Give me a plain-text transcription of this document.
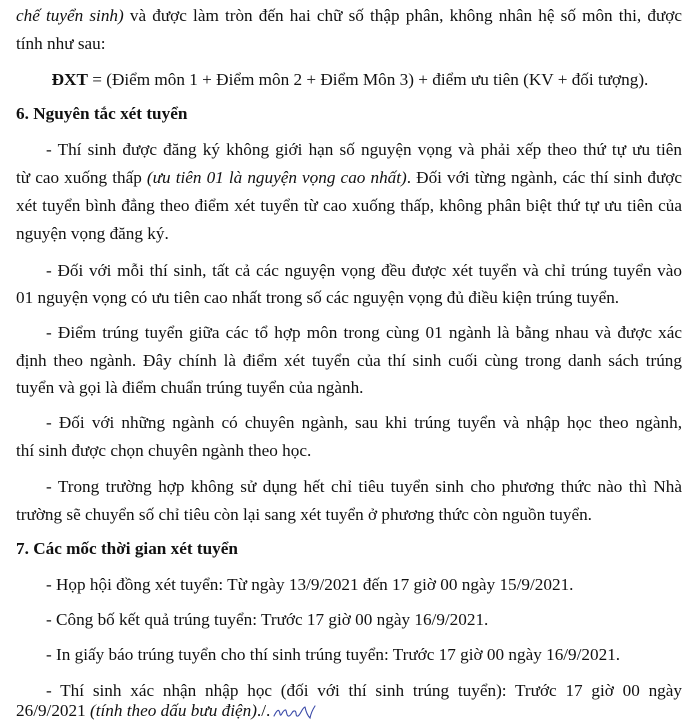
chế tuyển sinh) và được làm tròn đến hai chữ số thập phân, không nhân hệ số môn thi, được
tính như sau:
ĐXT = (Điểm môn 1 + Điểm môn 2 + Điểm Môn 3) + điểm ưu tiên (KV + đối tượng).
6. Nguyên tắc xét tuyển
- Thí sinh được đăng ký không giới hạn số nguyện vọng và phải xếp theo thứ tự ưu tiên
từ cao xuống thấp (ưu tiên 01 là nguyện vọng cao nhất). Đối với từng ngành, các thí sinh được
xét tuyển bình đẳng theo điểm xét tuyển từ cao xuống thấp, không phân biệt thứ tự ưu tiên của
nguyện vọng đăng ký.
- Đối với mỗi thí sinh, tất cả các nguyện vọng đều được xét tuyển và chỉ trúng tuyển vào
01 nguyện vọng có ưu tiên cao nhất trong số các nguyện vọng đủ điều kiện trúng tuyển.
- Điểm trúng tuyển giữa các tổ hợp môn trong cùng 01 ngành là bằng nhau và được xác
định theo ngành. Đây chính là điểm xét tuyển của thí sinh cuối cùng trong danh sách trúng
tuyển và gọi là điểm chuẩn trúng tuyển của ngành.
- Đối với những ngành có chuyên ngành, sau khi trúng tuyển và nhập học theo ngành,
thí sinh được chọn chuyên ngành theo học.
- Trong trường hợp không sử dụng hết chỉ tiêu tuyển sinh cho phương thức nào thì Nhà
trường sẽ chuyển số chỉ tiêu còn lại sang xét tuyển ở phương thức còn nguồn tuyển.
7. Các mốc thời gian xét tuyển
- Họp hội đồng xét tuyển: Từ ngày 13/9/2021 đến 17 giờ 00 ngày 15/9/2021.
- Công bố kết quả trúng tuyển: Trước 17 giờ 00 ngày 16/9/2021.
- In giấy báo trúng tuyển cho thí sinh trúng tuyển: Trước 17 giờ 00 ngày 16/9/2021.
- Thí sinh xác nhận nhập học (đối với thí sinh trúng tuyển): Trước 17 giờ 00 ngày
26/9/2021 (tính theo dấu bưu điện)./.
